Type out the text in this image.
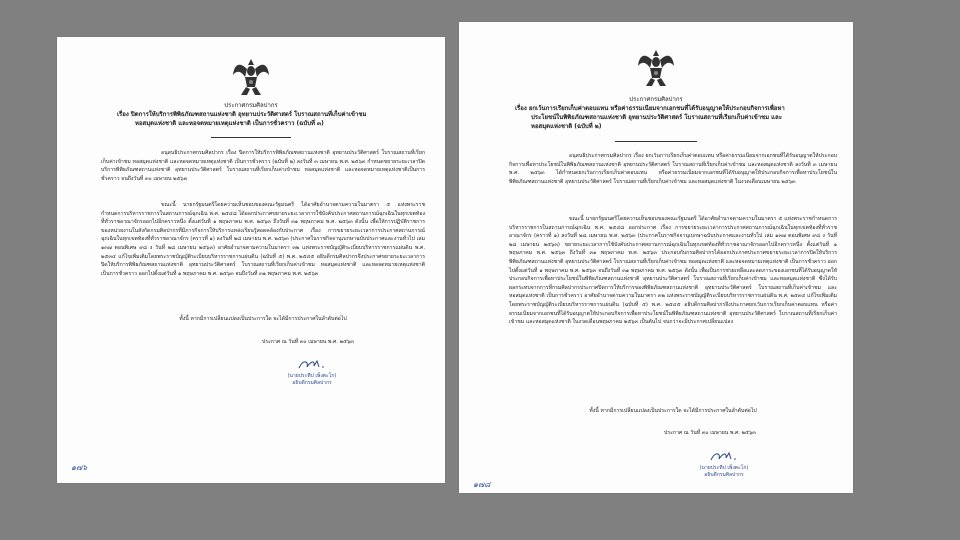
ประกาศกรมศิลปากร
เรื่อง ปิดการให้บริการพิพิธภัณฑสถานแห่งชาติ อุทยานประวัติศาสตร์ โบราณสถานที่เก็บค่าเข้าชม
หอสมุดแห่งชาติ และหอจดหมายเหตุแห่งชาติ เป็นการชั่วคราว (ฉบับที่ ๓)
อนุสนธิประกาศกรมศิลปากร เรื่อง ปิดการให้บริการพิพิธภัณฑสถานแห่งชาติ อุทยานประวัติศาสตร์ โบราณสถานที่เรียกเก็บค่าเข้าชม หอสมุดแห่งชาติ และหอจดหมายเหตุแห่งชาติ เป็นการชั่วคราว (ฉบับที่ ๒) ลงวันที่ ๓ เมษายน พ.ศ. ๒๕๖๓ กำหนดขยายระยะเวลาปิดบริการพิพิธภัณฑสถานแห่งชาติ อุทยานประวัติศาสตร์ โบราณสถานที่เรียกเก็บค่าเข้าชม หอสมุดแห่งชาติ และหอจดหมายเหตุแห่งชาติเป็นการชั่วคราว จนถึงวันที่ ๓๐ เมษายน ๒๕๖๓
ขณะนี้ นายกรัฐมนตรีโดยความเห็นชอบของคณะรัฐมนตรี ได้อาศัยอำนาจตามความในมาตรา ๕ แห่งพระราชกำหนดการบริหารราชการในสถานการณ์ฉุกเฉิน พ.ศ. ๒๕๔๘ ได้ออกประกาศขยายระยะเวลาการใช้บังคับประกาศสถานการณ์ฉุกเฉินในทุกเขตท้องที่ทั่วราชอาณาจักรออกไปอีกคราวหนึ่ง ตั้งแต่วันที่ ๑ พฤษภาคม พ.ศ. ๒๕๖๓ ถึงวันที่ ๓๑ พฤษภาคม พ.ศ. ๒๕๖๓ ดังนั้น เพื่อให้การปฏิบัติราชการของหน่วยงานในสังกัดกรมศิลปากรที่มีภารกิจการให้บริการแหล่งเรียนรู้สอดคล้องกับประกาศ เรื่อง การขยายระยะเวลาการประกาศสถานการณ์ฉุกเฉินในทุกเขตท้องที่ทั่วราชอาณาจักร (คราวที่ ๑) ลงวันที่ ๒๘ เมษายน พ.ศ. ๒๕๖๓ (ประกาศในราชกิจจานุเบกษาฉบับประกาศและงานทั่วไป เล่ม ๑๓๗ ตอนพิเศษ ๙๘ ง วันที่ ๒๘ เมษายน ๒๕๖๓) อาศัยอำนาจตามความในมาตรา ๓๒ แห่งพระราชบัญญัติระเบียบบริหารราชการแผ่นดิน พ.ศ. ๒๕๓๔ แก้ไขเพิ่มเติมโดยพระราชบัญญัติระเบียบบริหารราชการแผ่นดิน (ฉบับที่ ๕) พ.ศ. ๒๕๔๕ อธิบดีกรมศิลปากรจึงประกาศขยายระยะเวลาการปิดให้บริการพิพิธภัณฑสถานแห่งชาติ อุทยานประวัติศาสตร์ โบราณสถานที่เรียกเก็บค่าเข้าชม หอสมุดแห่งชาติ และหอจดหมายเหตุแห่งชาติ เป็นการชั่วคราว ออกไปตั้งแต่วันที่ ๑ พฤษภาคม พ.ศ. ๒๕๖๓ จนถึงวันที่ ๓๑ พฤษภาคม พ.ศ. ๒๕๖๓
ทั้งนี้ หากมีการเปลี่ยนแปลงเป็นประการใด จะได้มีการประกาศในลำดับต่อไป
ประกาศ ณ วันที่ ๓๐ เมษายน พ.ศ. ๒๕๖๓
(นายประทีป เพ็งตะโก)
อธิบดีกรมศิลปากร
๑๗๖
ประกาศกรมศิลปากร
เรื่อง ยกเว้นการเรียกเก็บค่าตอบแทน หรือค่าธรรมเนียมจากเอกชนที่ได้รับอนุญาตให้ประกอบกิจการเพื่อหา
ประโยชน์ในพิพิธภัณฑสถานแห่งชาติ อุทยานประวัติศาสตร์ โบราณสถานที่เรียกเก็บค่าเข้าชม และ
หอสมุดแห่งชาติ (ฉบับที่ ๒)
อนุสนธิประกาศกรมศิลปากร เรื่อง ยกเว้นการเรียกเก็บค่าตอบแทน หรือค่าธรรมเนียมจากเอกชนที่ได้รับอนุญาตให้ประกอบกิจการเพื่อหาประโยชน์ในพิพิธภัณฑสถานแห่งชาติ อุทยานประวัติศาสตร์ โบราณสถานที่เรียกเก็บค่าเข้าชม และหอสมุดแห่งชาติ ลงวันที่ ๓ เมษายน พ.ศ. ๒๕๖๓ ได้กำหนดยกเว้นการเรียกเก็บค่าตอบแทน หรือค่าธรรมเนียมจากเอกชนที่ได้รับอนุญาตให้ประกอบกิจการเพื่อหาประโยชน์ในพิพิธภัณฑสถานแห่งชาติ อุทยานประวัติศาสตร์ โบราณสถานที่เรียกเก็บค่าเข้าชม และหอสมุดแห่งชาติ ในงวดเดือนเมษายน ๒๕๖๓
ขณะนี้ นายกรัฐมนตรีโดยความเห็นชอบของคณะรัฐมนตรี ได้อาศัยอำนาจตามความในมาตรา ๕ แห่งพระราชกำหนดการบริหารราชการในสถานการณ์ฉุกเฉิน พ.ศ. ๒๕๔๘ ออกประกาศ เรื่อง การขยายระยะเวลาการประกาศสถานการณ์ฉุกเฉินในทุกเขตท้องที่ทั่วราชอาณาจักร (คราวที่ ๑) ลงวันที่ ๒๘ เมษายน พ.ศ. ๒๕๖๓ (ประกาศในราชกิจจานุเบกษาฉบับประกาศและงานทั่วไป เล่ม ๑๓๗ ตอนพิเศษ ๙๘ ง วันที่ ๒๘ เมษายน ๒๕๖๓) ขยายระยะเวลาการใช้บังคับประกาศสถานการณ์ฉุกเฉินในทุกเขตท้องที่ทั่วราชอาณาจักรออกไปอีกคราวหนึ่ง ตั้งแต่วันที่ ๑ พฤษภาคม พ.ศ. ๒๕๖๓ ถึงวันที่ ๓๑ พฤษภาคม พ.ศ. ๒๕๖๓ ประกอบกับกรมศิลปากรได้ออกประกาศประกาศขยายระยะเวลาการปิดให้บริการพิพิธภัณฑสถานแห่งชาติ อุทยานประวัติศาสตร์ โบราณสถานที่เรียกเก็บค่าเข้าชม หอสมุดแห่งชาติ และหอจดหมายเหตุแห่งชาติ เป็นการชั่วคราว ออกไปตั้งแต่วันที่ ๑ พฤษภาคม พ.ศ. ๒๕๖๓ จนถึงวันที่ ๓๑ พฤษภาคม พ.ศ. ๒๕๖๓ ดังนั้น เพื่อเป็นการช่วยเหลือและลดภาระของเอกชนที่ได้รับอนุญาตให้ประกอบกิจการเพื่อหาประโยชน์ในพิพิธภัณฑสถานแห่งชาติ อุทยานประวัติศาสตร์ โบราณสถานที่เรียกเก็บค่าเข้าชม และหอสมุดแห่งชาติ ซึ่งได้รับผลกระทบจากการที่กรมศิลปากรประกาศปิดการให้บริการของพิพิธภัณฑสถานแห่งชาติ อุทยานประวัติศาสตร์ โบราณสถานที่เก็บค่าเข้าชม และหอสมุดแห่งชาติ เป็นการชั่วคราว อาศัยอำนาจตามความในมาตรา ๓๒ แห่งพระราชบัญญัติระเบียบบริหารราชการแผ่นดิน พ.ศ. ๒๕๓๔ แก้ไขเพิ่มเติมโดยพระราชบัญญัติระเบียบบริหารราชการแผ่นดิน (ฉบับที่ ๕) พ.ศ. ๒๕๔๕ อธิบดีกรมศิลปากรจึงประกาศยกเว้นการเรียกเก็บค่าตอบแทน หรือค่าธรรมเนียมจากเอกชนที่ได้รับอนุญาตให้ประกอบกิจการเพื่อหาประโยชน์ในพิพิธภัณฑสถานแห่งชาติ อุทยานประวัติศาสตร์ โบราณสถานที่เรียกเก็บค่าเข้าชม และหอสมุดแห่งชาติ ในงวดเดือนพฤษภาคม ๒๕๖๓ เป็นต้นไป จนกว่าจะมีประกาศเปลี่ยนแปลง
ทั้งนี้ หากมีการเปลี่ยนแปลงเป็นประการใด จะได้มีการประกาศในลำดับต่อไป
ประกาศ ณ วันที่ ๓๐ เมษายน พ.ศ. ๒๕๖๓
(นายประทีป เพ็งตะโก)
อธิบดีกรมศิลปากร
๑๗๘
